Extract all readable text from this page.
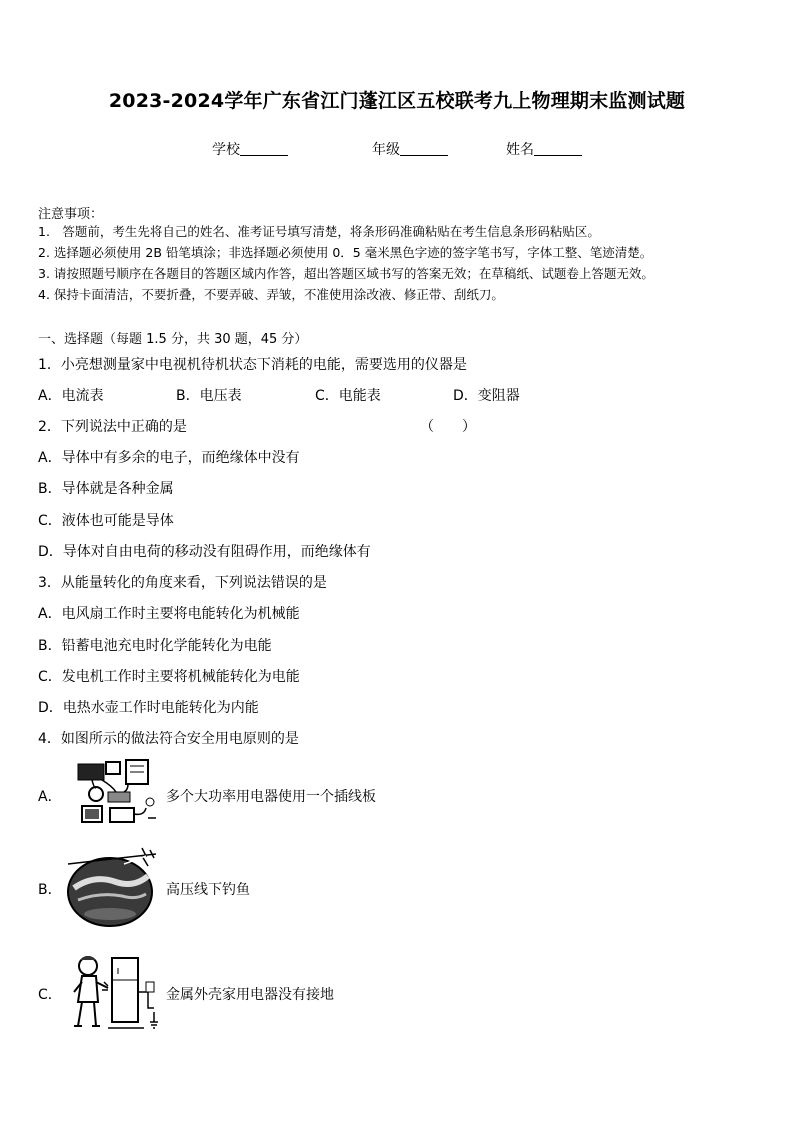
2023-2024学年广东省江门蓬江区五校联考九上物理期末监测试题
学校	年级	姓名
注意事项：
1.　答题前，考生先将自己的姓名、准考证号填写清楚，将条形码准确粘贴在考生信息条形码粘贴区。
2. 选择题必须使用 2B 铅笔填涂；非选择题必须使用 0．5 毫米黑色字迹的签字笔书写，字体工整、笔迹清楚。
3. 请按照题号顺序在各题目的答题区域内作答，超出答题区域书写的答案无效；在草稿纸、试题卷上答题无效。
4. 保持卡面清洁，不要折叠，不要弄破、弄皱，不准使用涂改液、修正带、刮纸刀。
一、选择题（每题 1.5 分，共 30 题，45 分）
1．小亮想测量家中电视机待机状态下消耗的电能，需要选用的仪器是
A．电流表	B．电压表	C．电能表	D．变阻器
2．下列说法中正确的是	（　　）
A．导体中有多余的电子，而绝缘体中没有
B．导体就是各种金属
C．液体也可能是导体
D．导体对自由电荷的移动没有阻碍作用，而绝缘体有
3．从能量转化的角度来看，下列说法错误的是
A．电风扇工作时主要将电能转化为机械能
B．铅蓄电池充电时化学能转化为电能
C．发电机工作时主要将机械能转化为电能
D．电热水壶工作时电能转化为内能
4．如图所示的做法符合安全用电原则的是
A．	多个大功率用电器使用一个插线板
B．	高压线下钓鱼
C．	金属外壳家用电器没有接地
